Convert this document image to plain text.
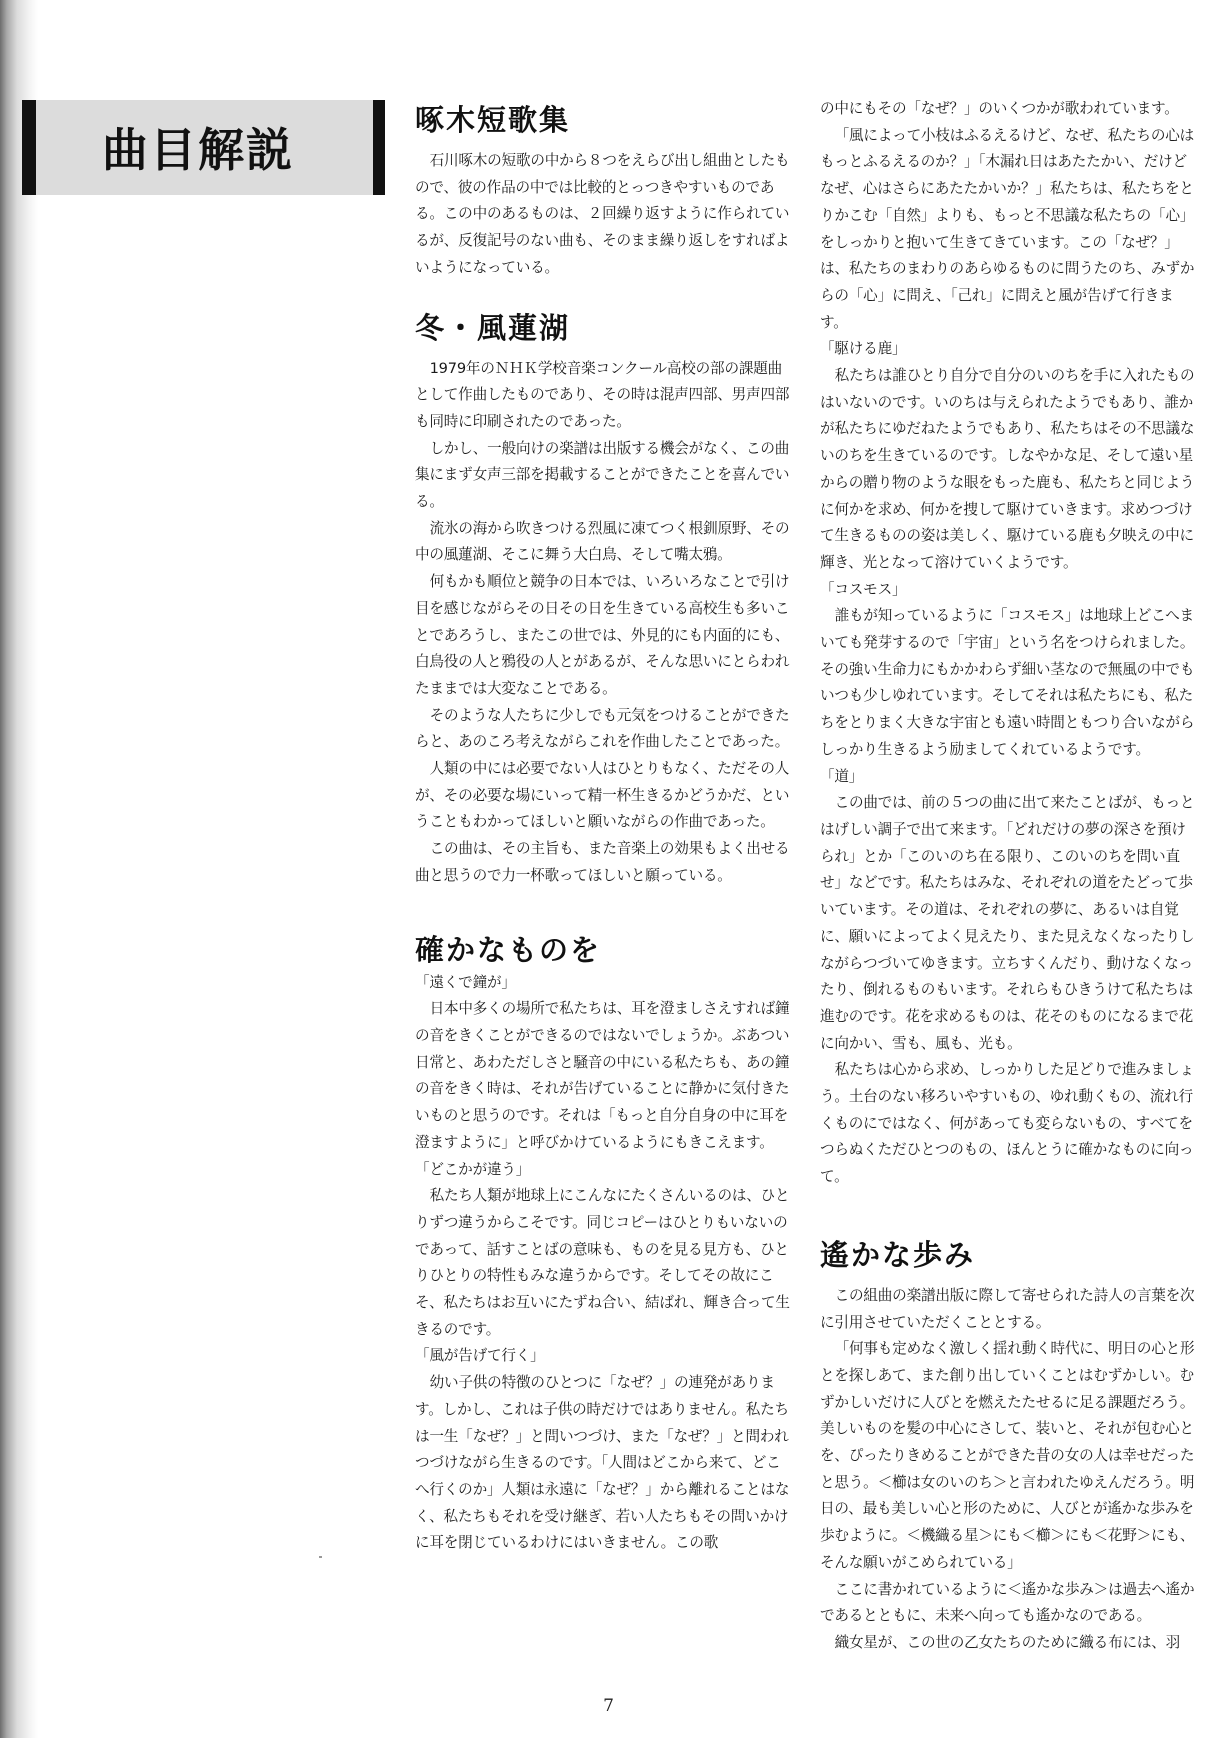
曲目解説
啄木短歌集

石川啄木の短歌の中から８つをえらび出し組曲としたもので、彼の作品の中では比較的とっつきやすいものである。この中のあるものは、２回繰り返すように作られているが、反復記号のない曲も、そのまま繰り返しをすればよいようになっている。

冬・風蓮湖

1979年のＮＨＫ学校音楽コンクール高校の部の課題曲として作曲したものであり、その時は混声四部、男声四部も同時に印刷されたのであった。

しかし、一般向けの楽譜は出版する機会がなく、この曲集にまず女声三部を掲載することができたことを喜んでいる。

流氷の海から吹きつける烈風に凍てつく根釧原野、その中の風蓮湖、そこに舞う大白鳥、そして嘴太鴉。

何もかも順位と競争の日本では、いろいろなことで引け目を感じながらその日その日を生きている高校生も多いことであろうし、またこの世では、外見的にも内面的にも、白鳥役の人と鴉役の人とがあるが、そんな思いにとらわれたままでは大変なことである。

そのような人たちに少しでも元気をつけることができたらと、あのころ考えながらこれを作曲したことであった。

人類の中には必要でない人はひとりもなく、ただその人が、その必要な場にいって精一杯生きるかどうかだ、ということもわかってほしいと願いながらの作曲であった。

この曲は、その主旨も、また音楽上の効果もよく出せる曲と思うので力一杯歌ってほしいと願っている。

確かなものを

「遠くで鐘が」

日本中多くの場所で私たちは、耳を澄ましさえすれば鐘の音をきくことができるのではないでしょうか。ぶあつい日常と、あわただしさと騒音の中にいる私たちも、あの鐘の音をきく時は、それが告げていることに静かに気付きたいものと思うのです。それは「もっと自分自身の中に耳を澄ますように」と呼びかけているようにもきこえます。

「どこかが違う」

私たち人類が地球上にこんなにたくさんいるのは、ひとりずつ違うからこそです。同じコピーはひとりもいないのであって、話すことばの意味も、ものを見る見方も、ひとりひとりの特性もみな違うからです。そしてその故にこそ、私たちはお互いにたずね合い、結ばれ、輝き合って生きるのです。

「風が告げて行く」

幼い子供の特徴のひとつに「なぜ？」の連発があります。しかし、これは子供の時だけではありません。私たちは一生「なぜ？」と問いつづけ、また「なぜ？」と問われつづけながら生きるのです。「人間はどこから来て、どこへ行くのか」人類は永遠に「なぜ？」から離れることはなく、私たちもそれを受け継ぎ、若い人たちもその問いかけに耳を閉じているわけにはいきません。この歌

の中にもその「なぜ？」のいくつかが歌われています。

「風によって小枝はふるえるけど、なぜ、私たちの心はもっとふるえるのか？」「木漏れ日はあたたかい、だけどなぜ、心はさらにあたたかいか？」私たちは、私たちをとりかこむ「自然」よりも、もっと不思議な私たちの「心」をしっかりと抱いて生きてきています。この「なぜ？」は、私たちのまわりのあらゆるものに問うたのち、みずからの「心」に問え、「己れ」に問えと風が告げて行きます。

「駆ける鹿」

私たちは誰ひとり自分で自分のいのちを手に入れたものはいないのです。いのちは与えられたようでもあり、誰かが私たちにゆだねたようでもあり、私たちはその不思議ないのちを生きているのです。しなやかな足、そして遠い星からの贈り物のような眼をもった鹿も、私たちと同じように何かを求め、何かを捜して駆けていきます。求めつづけて生きるものの姿は美しく、駆けている鹿も夕映えの中に輝き、光となって溶けていくようです。

「コスモス」

誰もが知っているように「コスモス」は地球上どこへまいても発芽するので「宇宙」という名をつけられました。その強い生命力にもかかわらず細い茎なので無風の中でもいつも少しゆれています。そしてそれは私たちにも、私たちをとりまく大きな宇宙とも遠い時間ともつり合いながらしっかり生きるよう励ましてくれているようです。

「道」

この曲では、前の５つの曲に出て来たことばが、もっとはげしい調子で出て来ます。「どれだけの夢の深さを預けられ」とか「このいのち在る限り、このいのちを問い直せ」などです。私たちはみな、それぞれの道をたどって歩いています。その道は、それぞれの夢に、あるいは自覚に、願いによってよく見えたり、また見えなくなったりしながらつづいてゆきます。立ちすくんだり、動けなくなったり、倒れるものもいます。それらもひきうけて私たちは進むのです。花を求めるものは、花そのものになるまで花に向かい、雪も、風も、光も。

私たちは心から求め、しっかりした足どりで進みましょう。土台のない移ろいやすいもの、ゆれ動くもの、流れ行くものにではなく、何があっても変らないもの、すべてをつらぬくただひとつのもの、ほんとうに確かなものに向って。

遙かな歩み

この組曲の楽譜出版に際して寄せられた詩人の言葉を次に引用させていただくこととする。

「何事も定めなく激しく揺れ動く時代に、明日の心と形とを探しあて、また創り出していくことはむずかしい。むずかしいだけに人びとを燃えたたせるに足る課題だろう。美しいものを髪の中心にさして、装いと、それが包む心とを、ぴったりきめることができた昔の女の人は幸せだったと思う。＜櫛は女のいのち＞と言われたゆえんだろう。明日の、最も美しい心と形のために、人びとが遙かな歩みを歩むように。＜機織る星＞にも＜櫛＞にも＜花野＞にも、そんな願いがこめられている」

ここに書かれているように＜遙かな歩み＞は過去へ遙かであるとともに、未来へ向っても遙かなのである。

織女星が、この世の乙女たちのために織る布には、羽

7
